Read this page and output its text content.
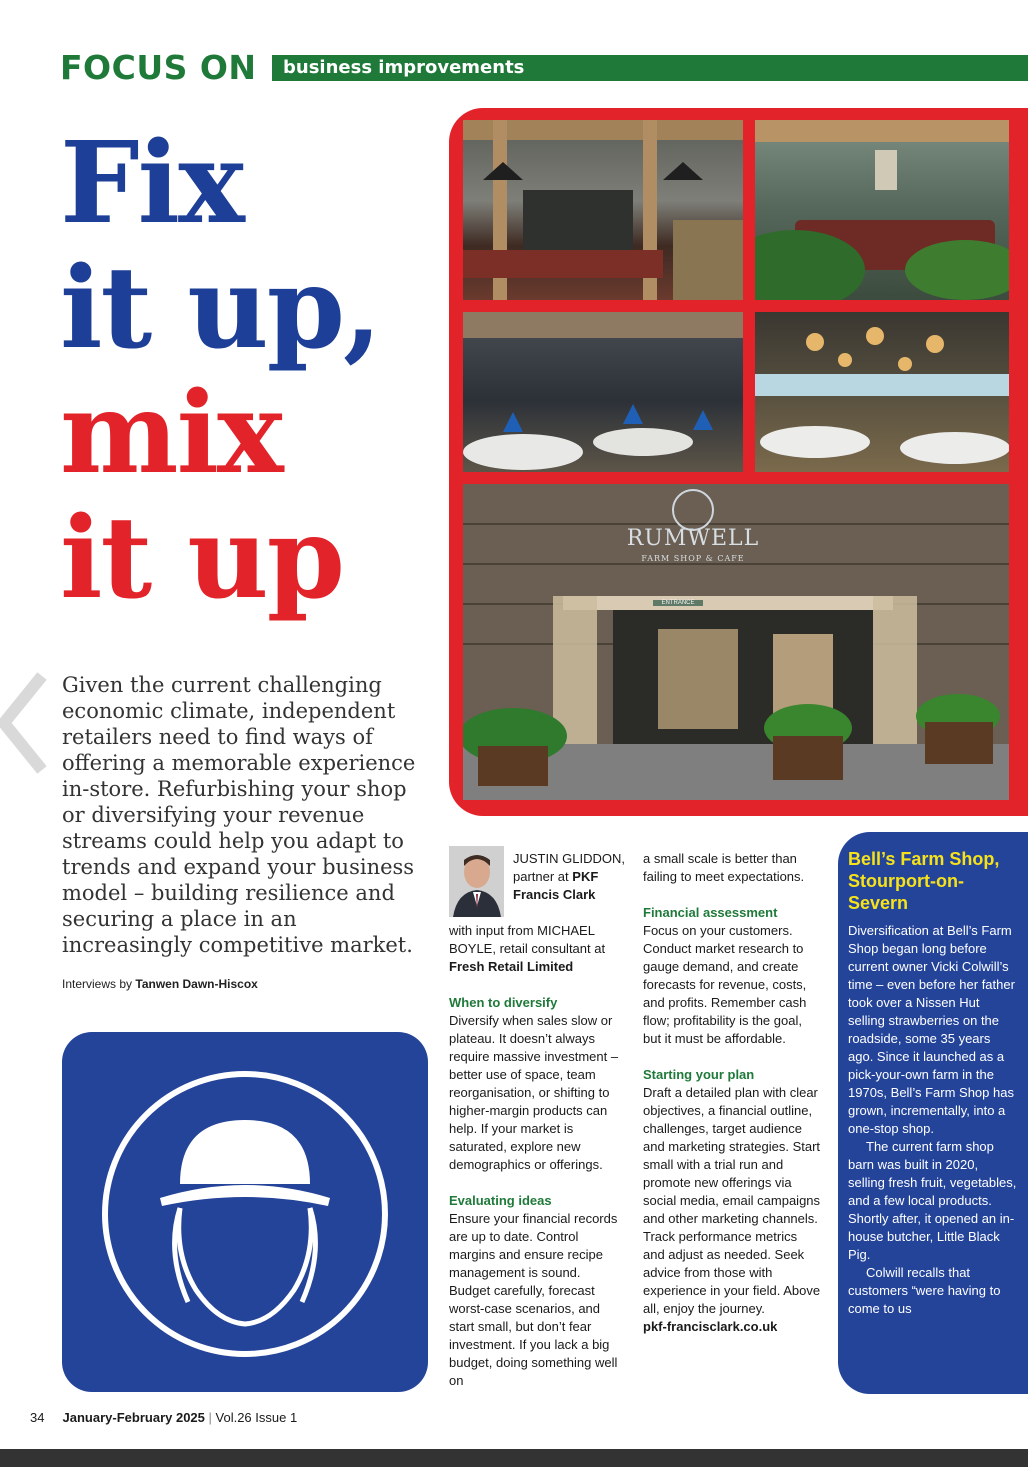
FOCUS ON business improvements
Fix
it up,
mix
it up
Given the current challenging economic climate, independent retailers need to find ways of offering a memorable experience in-store. Refurbishing your shop or diversifying your revenue streams could help you adapt to trends and expand your business model – building resilience and securing a place in an increasingly competitive market.
Interviews by Tanwen Dawn-Hiscox
RUMWELL
FARM SHOP & CAFE
ENTRANCE
JUSTIN GLIDDON,
partner at PKF Francis Clark

with input from MICHAEL BOYLE, retail consultant at Fresh Retail Limited

When to diversify

Diversify when sales slow or plateau. It doesn’t always require massive investment – better use of space, team reorganisation, or shifting to higher-margin products can help. If your market is saturated, explore new demographics or offerings.

Evaluating ideas

Ensure your financial records are up to date. Control margins and ensure recipe management is sound. Budget carefully, forecast worst-case scenarios, and start small, but don’t fear investment. If you lack a big budget, doing something well on

a small scale is better than failing to meet expectations.

Financial assessment

Focus on your customers. Conduct market research to gauge demand, and create forecasts for revenue, costs, and profits. Remember cash flow; profitability is the goal, but it must be affordable.

Starting your plan

Draft a detailed plan with clear objectives, a financial outline, challenges, target audience and marketing strategies. Start small with a trial run and promote new offerings via social media, email campaigns and other marketing channels. Track performance metrics and adjust as needed. Seek advice from those with experience in your field. Above all, enjoy the journey.

pkf-francisclark.co.uk

Bell’s Farm Shop, Stourport-on-Severn

Diversification at Bell’s Farm Shop began long before current owner Vicki Colwill’s time – even before her father took over a Nissen Hut selling strawberries on the roadside, some 35 years ago. Since it launched as a pick-your-own farm in the 1970s, Bell’s Farm Shop has grown, incrementally, into a one-stop shop.

The current farm shop barn was built in 2020, selling fresh fruit, vegetables, and a few local products. Shortly after, it opened an in-house butcher, Little Black Pig.

Colwill recalls that customers “were having to come to us

34 January-February 2025 | Vol.26 Issue 1
